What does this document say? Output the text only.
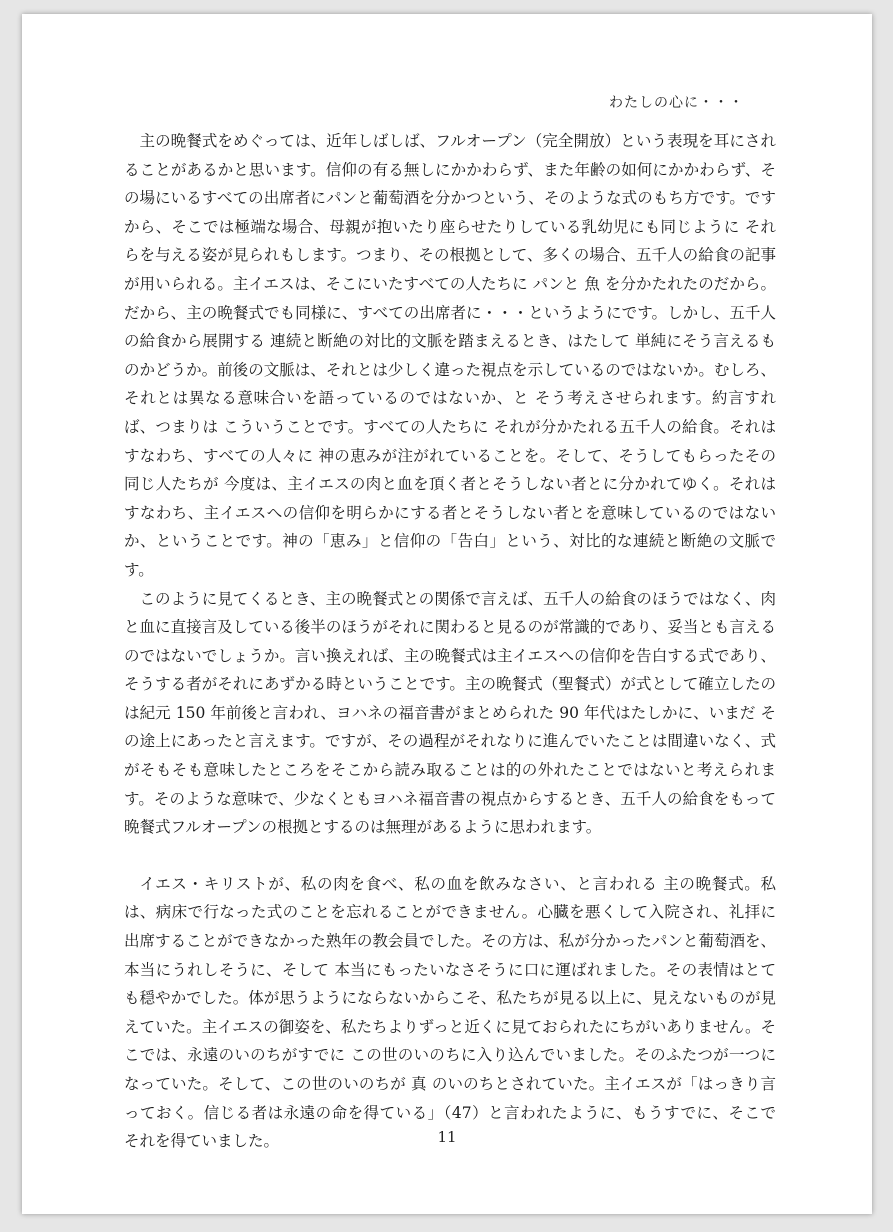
わたしの心に・・・

主の晩餐式をめぐっては、近年しばしば、フルオープン（完全開放）という表現を耳にされることがあるかと思います。信仰の有る無しにかかわらず、また年齢の如何にかかわらず、その場にいるすべての出席者にパンと葡萄酒を分かつという、そのような式のもち方です。ですから、そこでは極端な場合、母親が抱いたり座らせたりしている乳幼児にも同じように それらを与える姿が見られもします。つまり、その根拠として、多くの場合、五千人の給食の記事が用いられる。主イエスは、そこにいたすべての人たちに パンと 魚 を分かたれたのだから。だから、主の晩餐式でも同様に、すべての出席者に・・・というようにです。しかし、五千人の給食から展開する 連続と断絶の対比的文脈を踏まえるとき、はたして 単純にそう言えるものかどうか。前後の文脈は、それとは少しく違った視点を示しているのではないか。むしろ、それとは異なる意味合いを語っているのではないか、と そう考えさせられます。約言すれば、つまりは こういうことです。すべての人たちに それが分かたれる五千人の給食。それはすなわち、すべての人々に 神の恵みが注がれていることを。そして、そうしてもらったその同じ人たちが 今度は、主イエスの肉と血を頂く者とそうしない者とに分かれてゆく。それはすなわち、主イエスへの信仰を明らかにする者とそうしない者とを意味しているのではないか、ということです。神の「恵み」と信仰の「告白」という、対比的な連続と断絶の文脈です。

このように見てくるとき、主の晩餐式との関係で言えば、五千人の給食のほうではなく、肉と血に直接言及している後半のほうがそれに関わると見るのが常識的であり、妥当とも言えるのではないでしょうか。言い換えれば、主の晩餐式は主イエスへの信仰を告白する式であり、そうする者がそれにあずかる時ということです。主の晩餐式（聖餐式）が式として確立したのは紀元 150 年前後と言われ、ヨハネの福音書がまとめられた 90 年代はたしかに、いまだ その途上にあったと言えます。ですが、その過程がそれなりに進んでいたことは間違いなく、式がそもそも意味したところをそこから読み取ることは的の外れたことではないと考えられます。そのような意味で、少なくともヨハネ福音書の視点からするとき、五千人の給食をもって 晩餐式フルオープンの根拠とするのは無理があるように思われます。

イエス・キリストが、私の肉を食べ、私の血を飲みなさい、と言われる 主の晩餐式。私は、病床で行なった式のことを忘れることができません。心臓を悪くして入院され、礼拝に出席することができなかった熟年の教会員でした。その方は、私が分かったパンと葡萄酒を、本当にうれしそうに、そして 本当にもったいなさそうに口に運ばれました。その表情はとても穏やかでした。体が思うようにならないからこそ、私たちが見る以上に、見えないものが見えていた。主イエスの御姿を、私たちよりずっと近くに見ておられたにちがいありません。そこでは、永遠のいのちがすでに この世のいのちに入り込んでいました。そのふたつが一つになっていた。そして、この世のいのちが 真 のいのちとされていた。主イエスが「はっきり言っておく。信じる者は永遠の命を得ている」（47）と言われたように、もうすでに、そこで それを得ていました。	11
